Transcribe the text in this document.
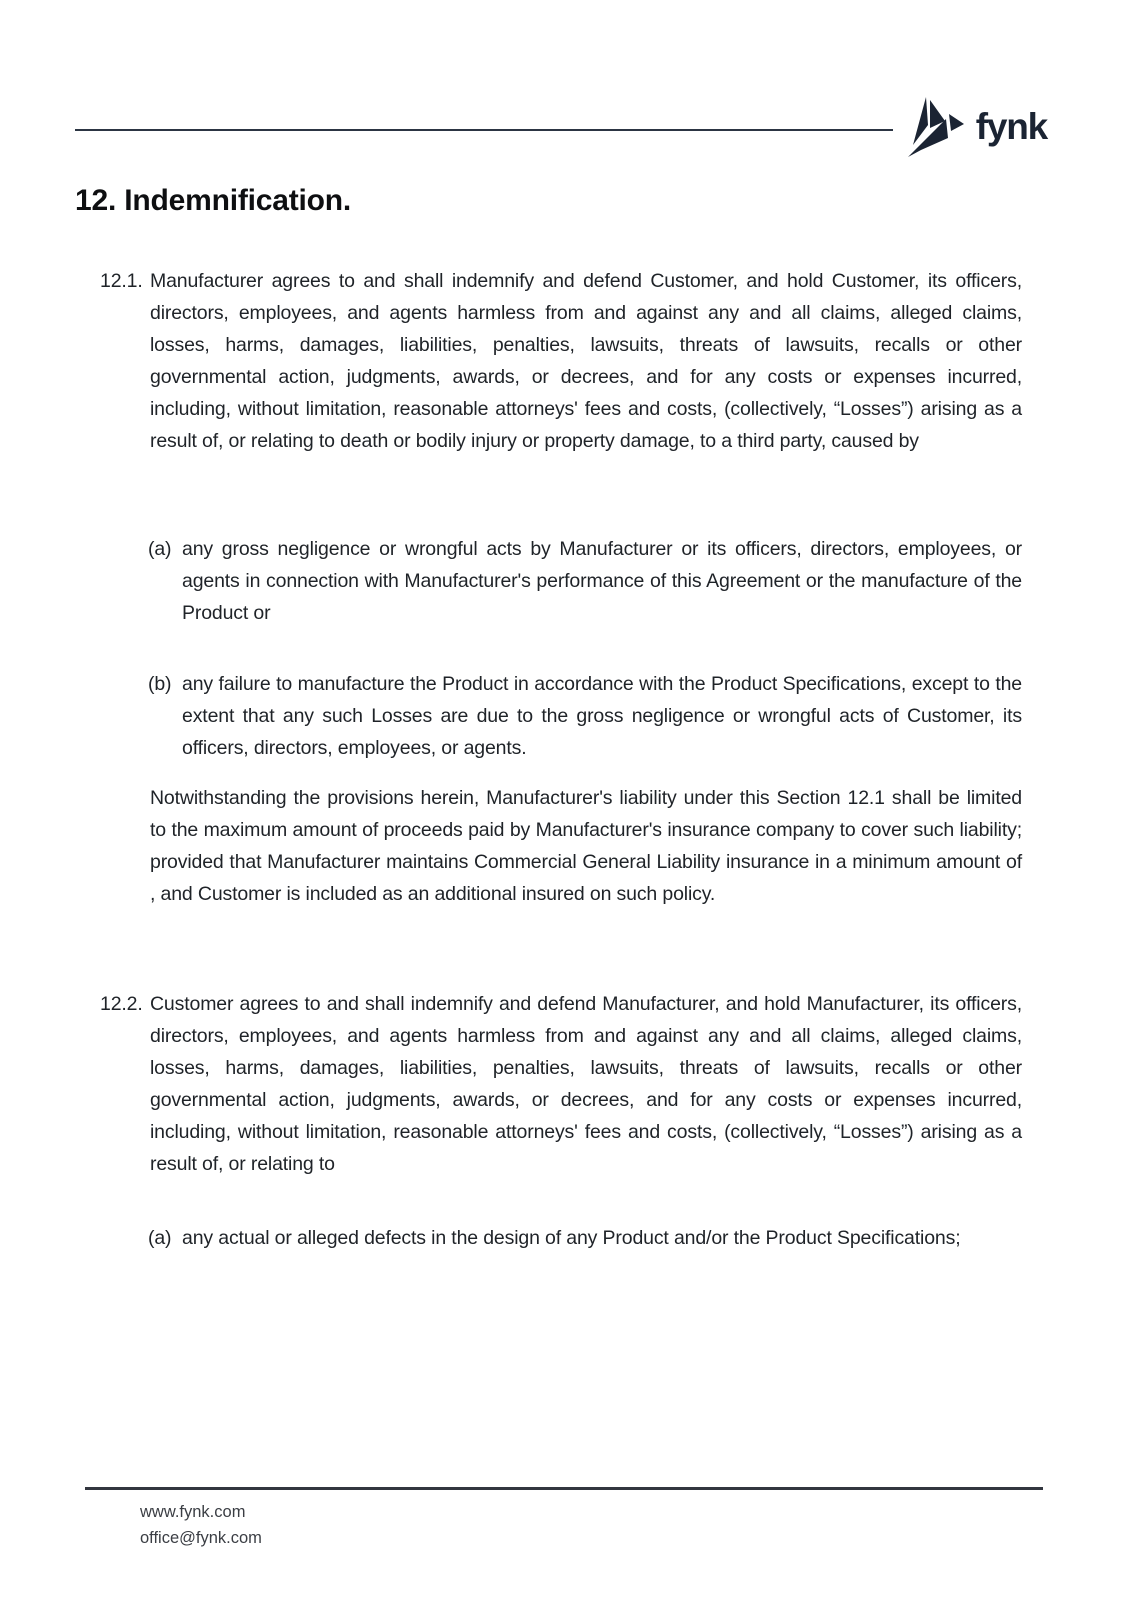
fynk
12. Indemnification.
12.1. Manufacturer agrees to and shall indemnify and defend Customer, and hold Customer, its officers, directors, employees, and agents harmless from and against any and all claims, alleged claims, losses, harms, damages, liabilities, penalties, lawsuits, threats of lawsuits, recalls or other governmental action, judgments, awards, or decrees, and for any costs or expenses incurred, including, without limitation, reasonable attorneys' fees and costs, (collectively, “Losses”) arising as a result of, or relating to death or bodily injury or property damage, to a third party, caused by
(a) any gross negligence or wrongful acts by Manufacturer or its officers, directors, employees, or agents in connection with Manufacturer's performance of this Agreement or the manufacture of the Product or
(b) any failure to manufacture the Product in accordance with the Product Specifications, except to the extent that any such Losses are due to the gross negligence or wrongful acts of Customer, its officers, directors, employees, or agents.
Notwithstanding the provisions herein, Manufacturer's liability under this Section 12.1 shall be limited to the maximum amount of proceeds paid by Manufacturer's insurance company to cover such liability; provided that Manufacturer maintains Commercial General Liability insurance in a minimum amount of , and Customer is included as an additional insured on such policy.
12.2. Customer agrees to and shall indemnify and defend Manufacturer, and hold Manufacturer, its officers, directors, employees, and agents harmless from and against any and all claims, alleged claims, losses, harms, damages, liabilities, penalties, lawsuits, threats of lawsuits, recalls or other governmental action, judgments, awards, or decrees, and for any costs or expenses incurred, including, without limitation, reasonable attorneys' fees and costs, (collectively, “Losses”) arising as a result of, or relating to
(a) any actual or alleged defects in the design of any Product and/or the Product Specifications;
www.fynk.com
office@fynk.com
